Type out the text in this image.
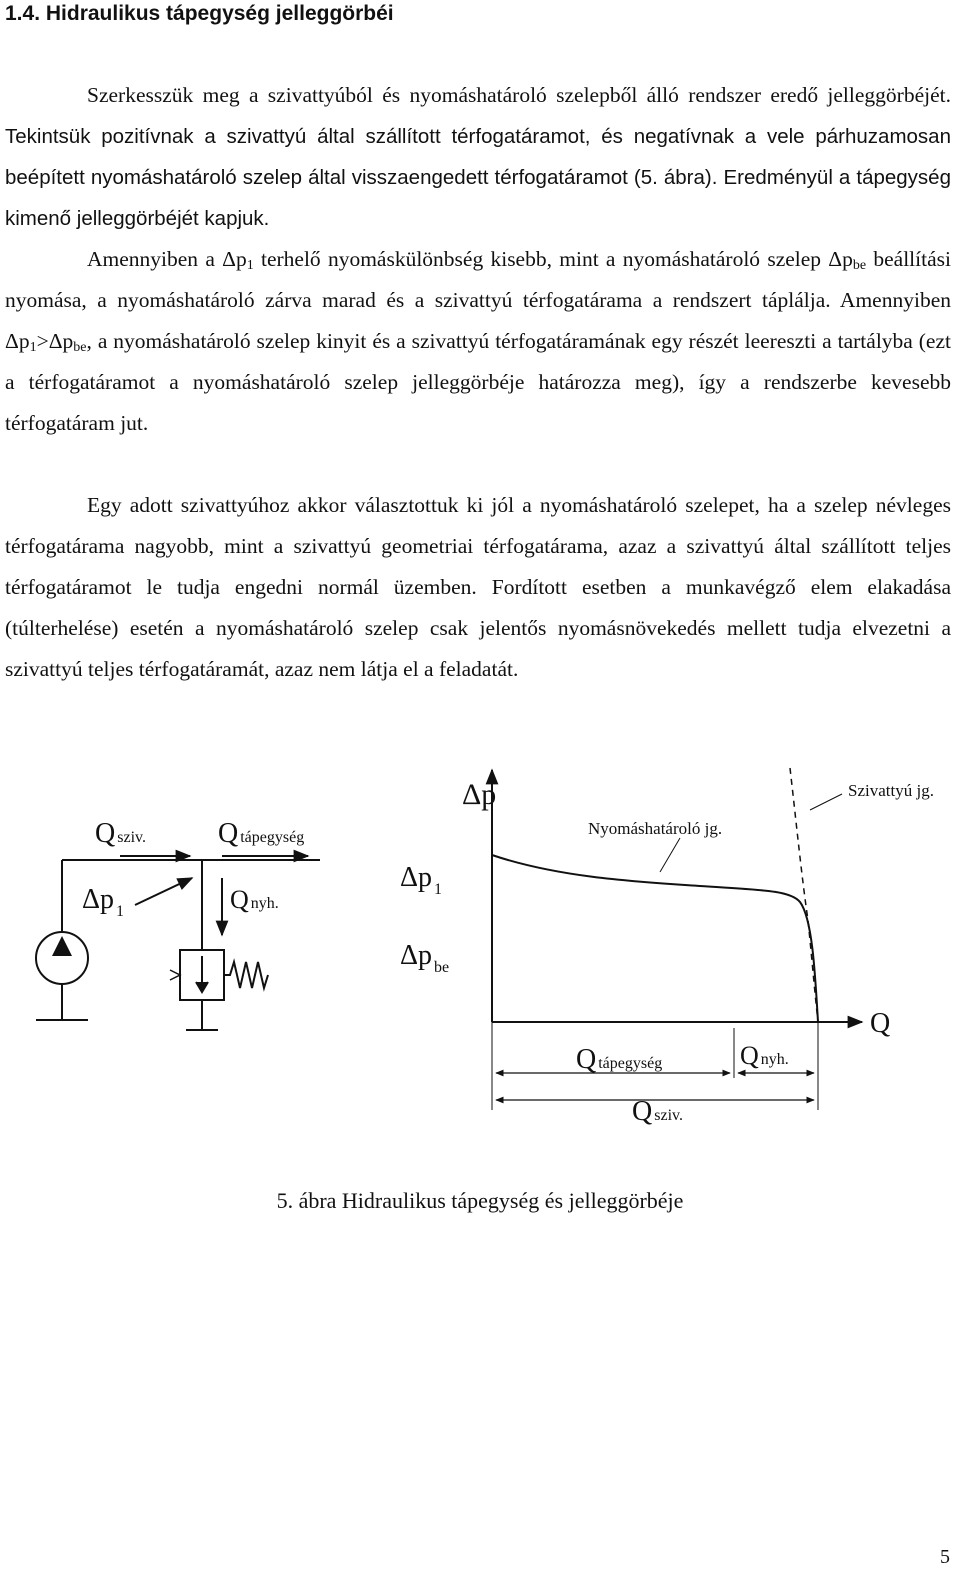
1.4. Hidraulikus tápegység jelleggörbéi

Szerkesszük meg a szivattyúból és nyomáshatároló szelepből álló rendszer eredő jelleggörbéjét. Tekintsük pozitívnak a szivattyú által szállított térfogatáramot, és negatívnak a vele párhuzamosan beépített nyomáshatároló szelep által visszaengedett térfogatáramot (5. ábra). Eredményül a tápegység kimenő jelleggörbéjét kapjuk.
Amennyiben a $\Delta p_1$ terhelő nyomáskülönbség kisebb, mint a nyomáshatároló szelep $\Delta p_{be}$ beállítási nyomása, a nyomáshatároló zárva marad és a szivattyú térfogatárama a rendszert táplálja. Amennyiben $\Delta p_1>\Delta p_{be}$, a nyomáshatároló szelep kinyit és a szivattyú térfogatáramának egy részét leereszti a tartályba (ezt a térfogatáramot a nyomáshatároló szelep jelleggörbéje határozza meg), így a rendszerbe kevesebb térfogatáram jut.

Egy adott szivattyúhoz akkor választottuk ki jól a nyomáshatároló szelepet, ha a szelep névleges térfogatárama nagyobb, mint a szivattyú geometriai térfogatárama, azaz a szivattyú által szállított teljes térfogatáramot le tudja engedni normál üzemben. Fordított esetben a munkavégző elem elakadása (túlterhelése) esetén a nyomáshatároló szelep csak jelentős nyomásnövekedés mellett tudja elvezetni a szivattyú teljes térfogatáramát, azaz nem látja el a feladatát.

Qsziv.	Qtápegység
Δp $_1$	Qnyh.
Δp
Q
Δp $_1$
Δp $_{be}$
Nyomáshatároló jg.
Szivattyú jg.
Qtápegység	Qnyh.
Qsziv.

5. ábra Hidraulikus tápegység és jelleggörbéje

5
